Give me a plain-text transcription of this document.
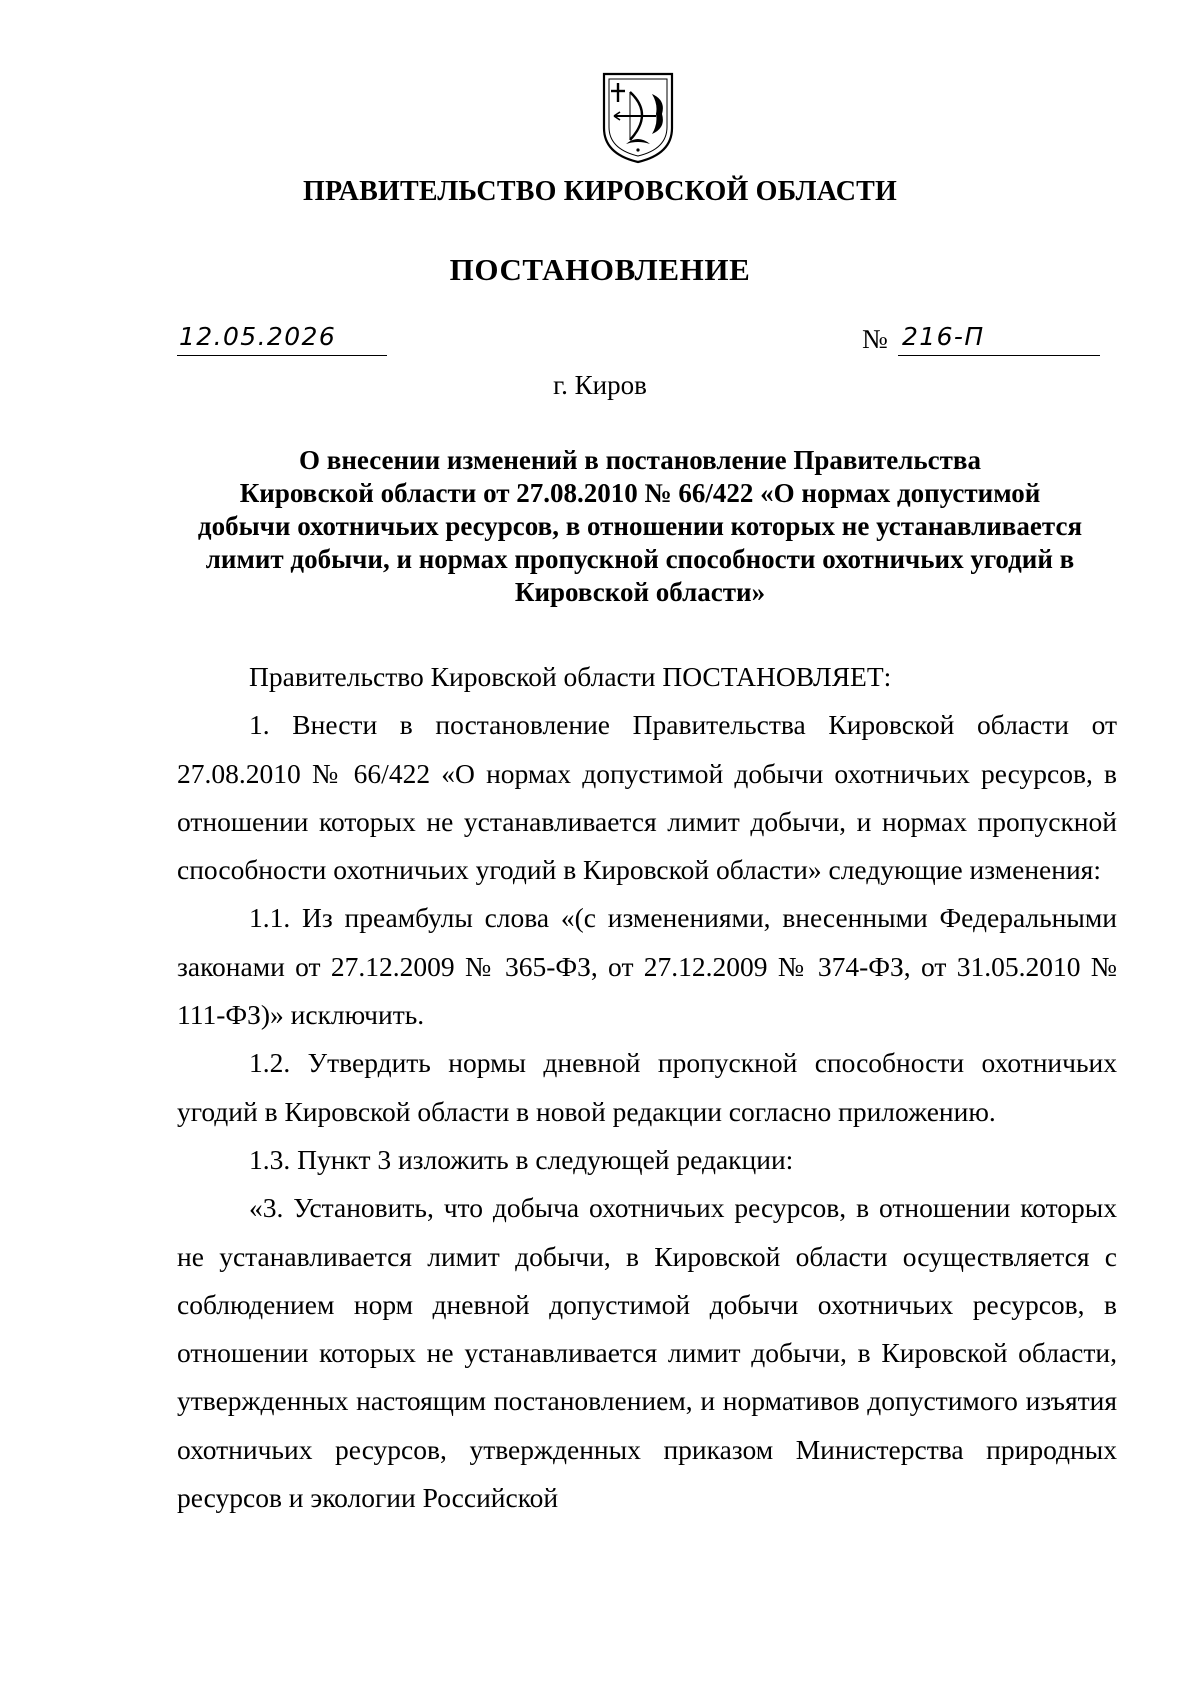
ПРАВИТЕЛЬСТВО КИРОВСКОЙ ОБЛАСТИ
ПОСТАНОВЛЕНИЕ
12.05.2026	№ 216-П
г. Киров
О внесении изменений в постановление Правительства
Кировской области от 27.08.2010 № 66/422 «О нормах допустимой
добычи охотничьих ресурсов, в отношении которых не устанавливается
лимит добычи, и нормах пропускной способности охотничьих угодий в
Кировской области»

Правительство Кировской области ПОСТАНОВЛЯЕТ:

1. Внести в постановление Правительства Кировской области от 27.08.2010 № 66/422 «О нормах допустимой добычи охотничьих ресурсов, в отношении которых не устанавливается лимит добычи, и нормах пропускной способности охотничьих угодий в Кировской области» следующие изменения:

1.1. Из преамбулы слова «(с изменениями, внесенными Федеральными законами от 27.12.2009 № 365-ФЗ, от 27.12.2009 № 374-ФЗ, от 31.05.2010 № 111-ФЗ)» исключить.

1.2. Утвердить нормы дневной пропускной способности охотничьих угодий в Кировской области в новой редакции согласно приложению.

1.3. Пункт 3 изложить в следующей редакции:

«3. Установить, что добыча охотничьих ресурсов, в отношении которых не устанавливается лимит добычи, в Кировской области осуществляется с соблюдением норм дневной допустимой добычи охотничьих ресурсов, в отношении которых не устанавливается лимит добычи, в Кировской области, утвержденных настоящим постановлением, и нормативов допустимого изъятия охотничьих ресурсов, утвержденных приказом Министерства природных ресурсов и экологии Российской
